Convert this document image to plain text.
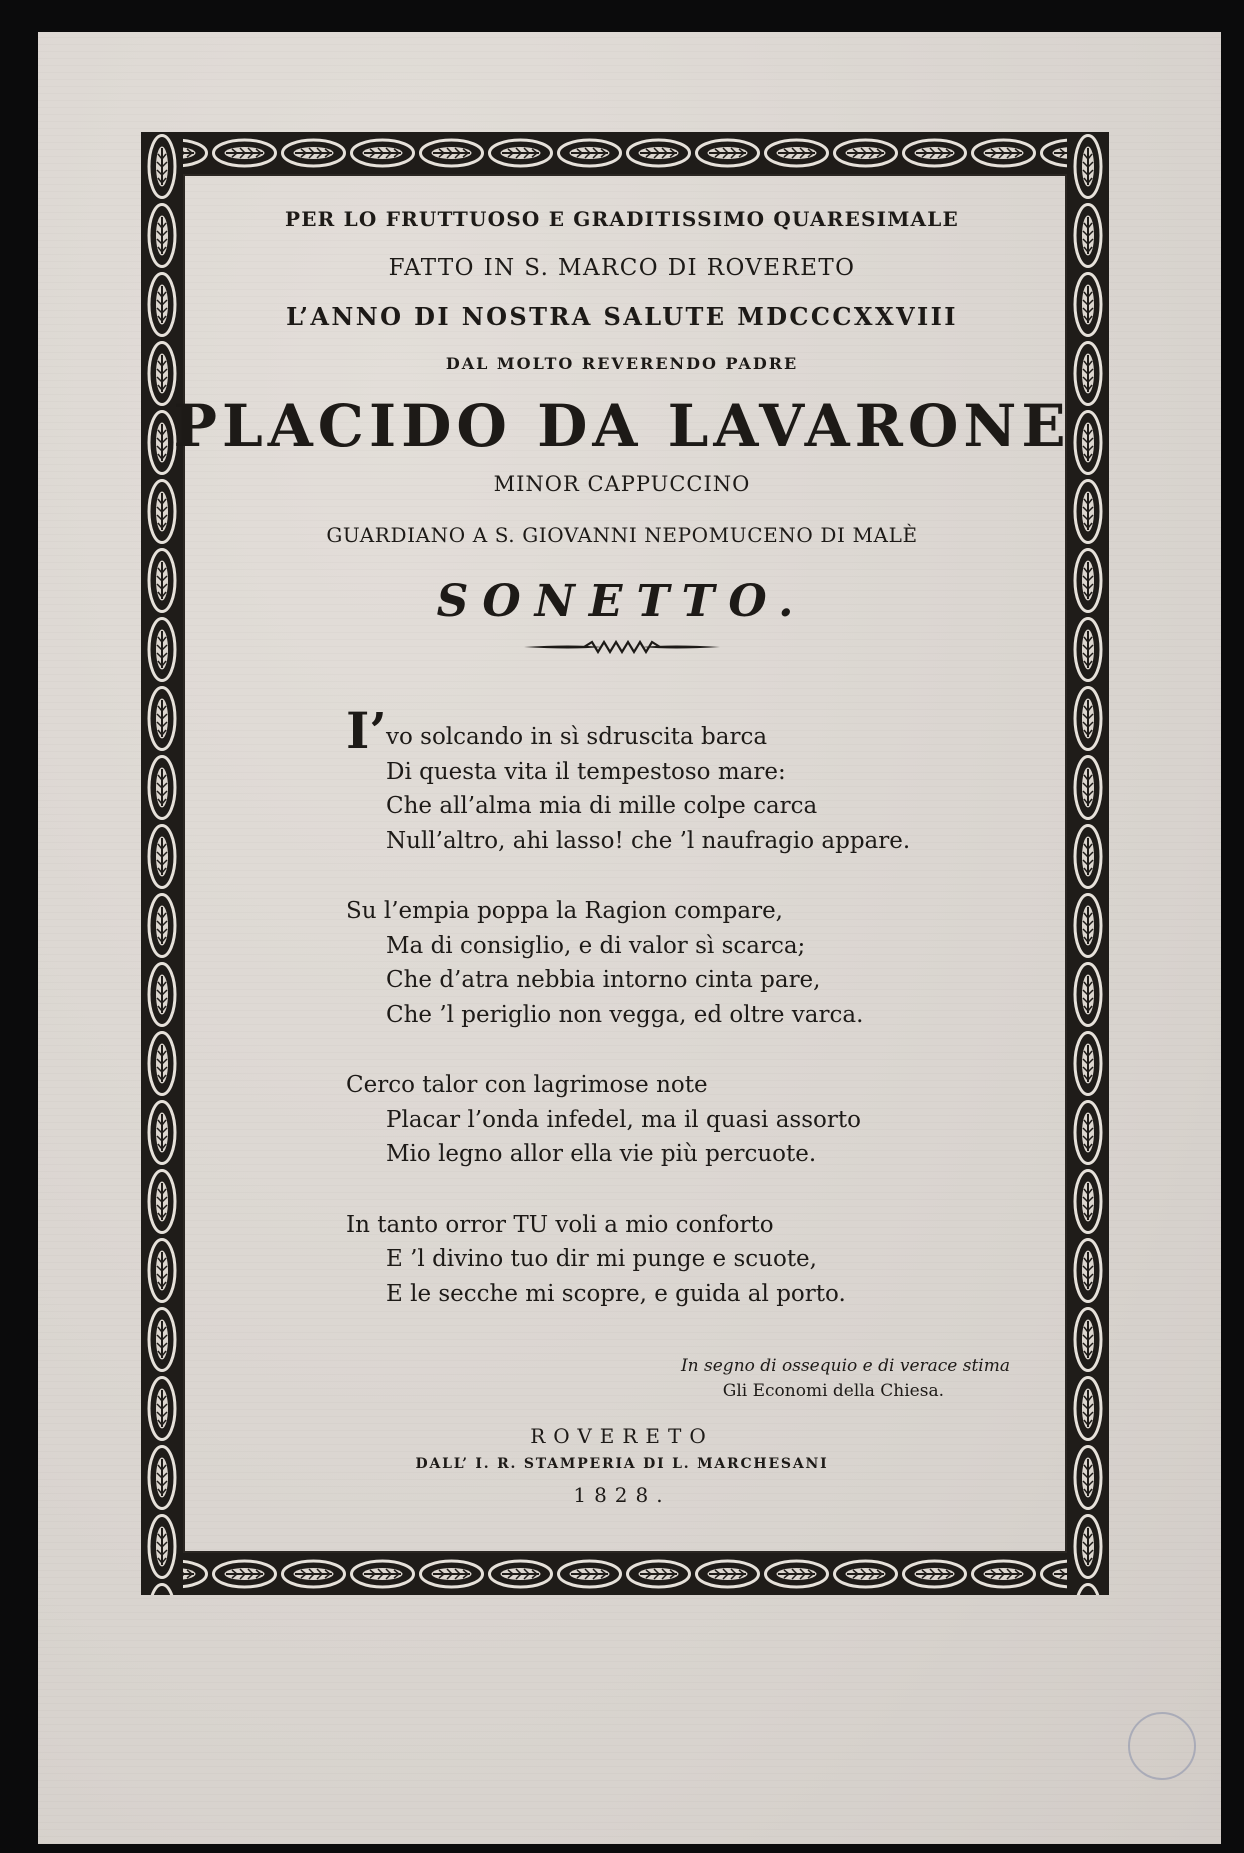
PER LO FRUTTUOSO E GRADITISSIMO QUARESIMALE
FATTO IN S. MARCO DI ROVERETO
L’ANNO DI NOSTRA SALUTE MDCCCXXVIII
DAL MOLTO REVERENDO PADRE
PLACIDO DA LAVARONE
MINOR CAPPUCCINO
GUARDIANO A S. GIOVANNI NEPOMUCENO DI MALÈ
SONETTO.
I’ vo solcando in sì sdruscita barca
Di questa vita il tempestoso mare:
Che all’alma mia di mille colpe carca
Null’altro, ahi lasso! che ’l naufragio appare.
Su l’empia poppa la Ragion compare,
Ma di consiglio, e di valor sì scarca;
Che d’atra nebbia intorno cinta pare,
Che ’l periglio non vegga, ed oltre varca.
Cerco talor con lagrimose note
Placar l’onda infedel, ma il quasi assorto
Mio legno allor ella vie più percuote.
In tanto orror TU voli a mio conforto
E ’l divino tuo dir mi punge e scuote,
E le secche mi scopre, e guida al porto.
In segno di ossequio e di verace stima
Gli Economi della Chiesa.
ROVERETO
DALL’ I. R. STAMPERIA DI L. MARCHESANI
1828.
